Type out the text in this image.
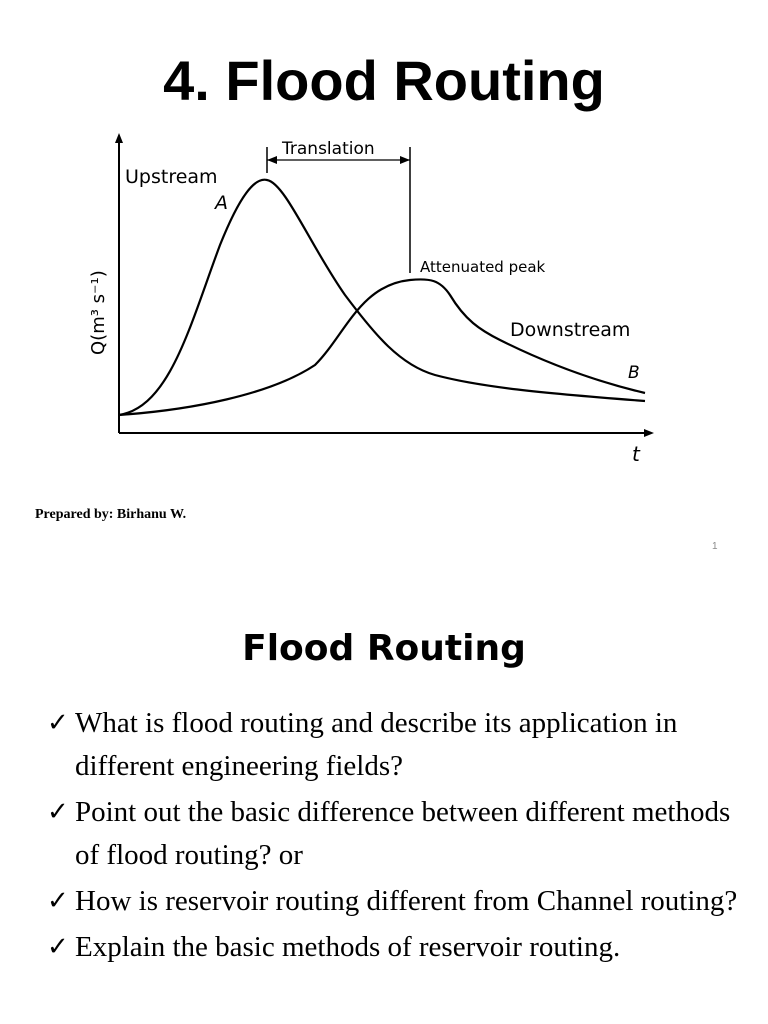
4. Flood Routing
Translation
Upstream
A
Attenuated peak
Downstream
B
t
Q(m³ s⁻¹)
Prepared by: Birhanu W.
1
Flood Routing
✓ What is flood routing and describe its application in different engineering fields?
✓ Point out the basic difference between different methods of flood routing? or
✓ How is reservoir routing different from Channel routing?
✓ Explain the basic methods of reservoir routing.
